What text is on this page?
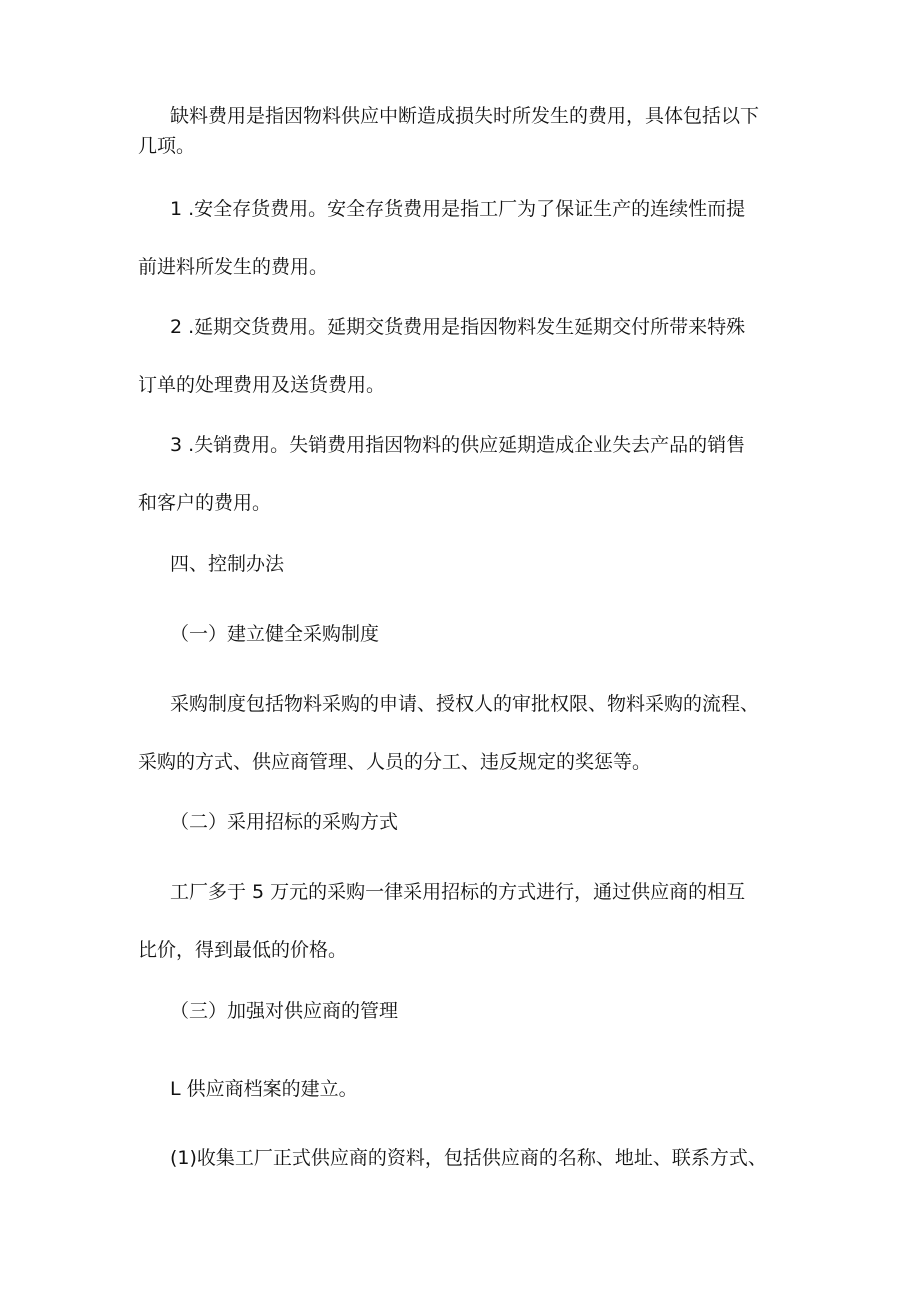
缺料费用是指因物料供应中断造成损失时所发生的费用，具体包括以下
几项。

1 .安全存货费用。安全存货费用是指工厂为了保证生产的连续性而提
前进料所发生的费用。

2 .延期交货费用。延期交货费用是指因物料发生延期交付所带来特殊
订单的处理费用及送货费用。

3 .失销费用。失销费用指因物料的供应延期造成企业失去产品的销售
和客户的费用。

四、控制办法

（一）建立健全采购制度

采购制度包括物料采购的申请、授权人的审批权限、物料采购的流程、
采购的方式、供应商管理、人员的分工、违反规定的奖惩等。

（二）采用招标的采购方式

工厂多于 5 万元的采购一律采用招标的方式进行，通过供应商的相互
比价，得到最低的价格。

（三）加强对供应商的管理

L 供应商档案的建立。

(1)收集工厂正式供应商的资料，包括供应商的名称、地址、联系方式、
